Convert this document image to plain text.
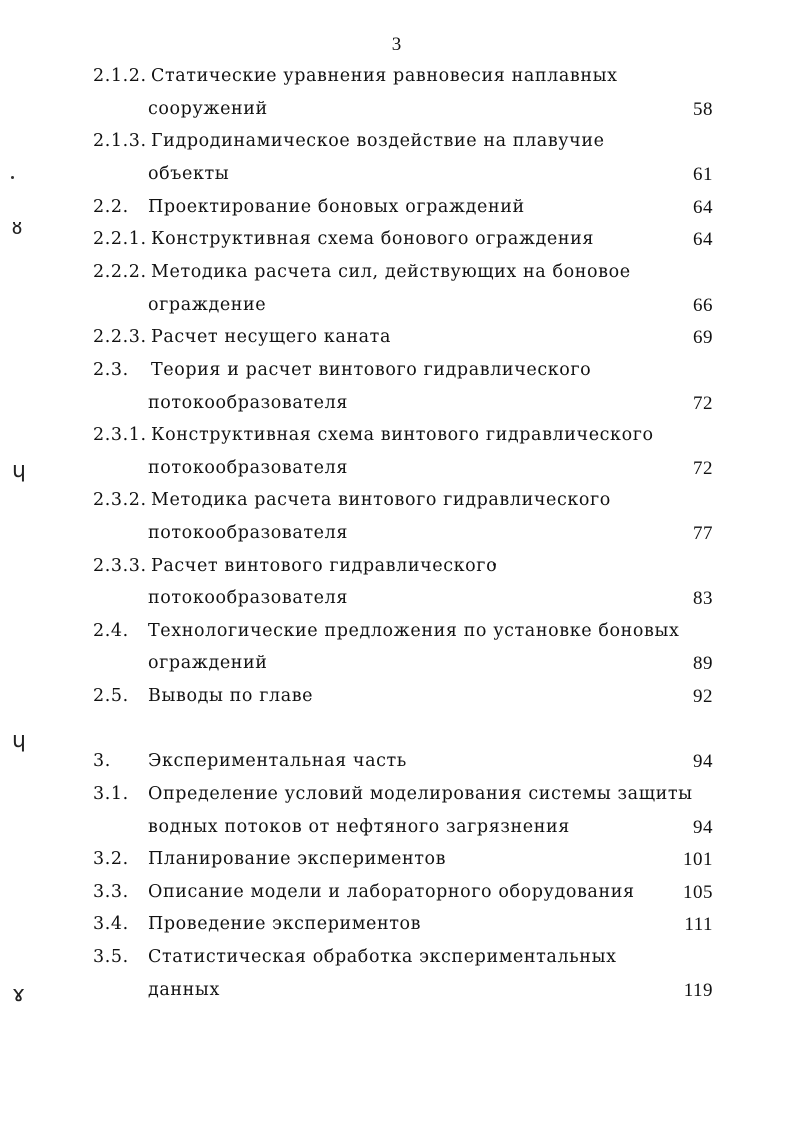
3
ᴕ
ɥ
ɥ
ɤ
2.1.2. Статические уравнения равновесия наплавных
сооружений	58
2.1.3. Гидродинамическое воздействие на плавучие
объекты	61
2.2. Проектирование боновых ограждений	64
2.2.1. Конструктивная схема бонового ограждения	64
2.2.2. Методика расчета сил, действующих на боновое
ограждение	66
2.2.3. Расчет несущего каната	69
2.3. Теория и расчет винтового гидравлического
потокообразователя	72
2.3.1. Конструктивная схема винтового гидравлического
потокообразователя	72
2.3.2. Методика расчета винтового гидравлического
потокообразователя	77
2.3.3. Расчет винтового гидравлического
потокообразователя	83
2.4. Технологические предложения по установке боновых
ограждений	89
2.5. Выводы по главе	92
3. Экспериментальная часть	94
3.1. Определение условий моделирования системы защиты
водных потоков от нефтяного загрязнения	94
3.2. Планирование экспериментов	101
3.3. Описание модели и лабораторного оборудования	105
3.4. Проведение экспериментов	111
3.5. Статистическая обработка экспериментальных
данных	119
